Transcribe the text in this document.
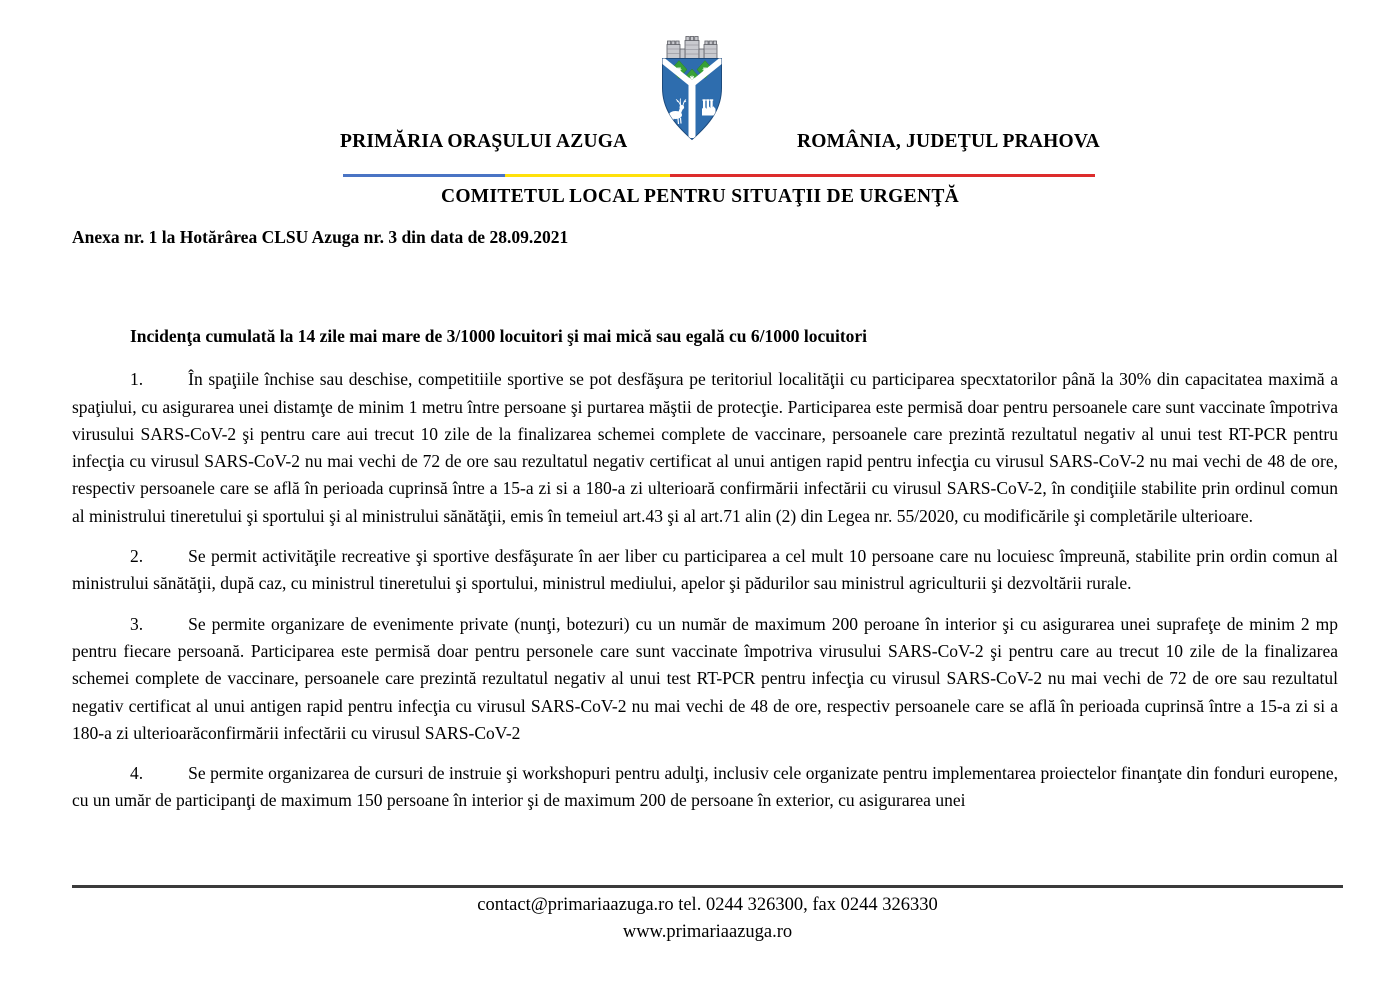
PRIMĂRIA ORAŞULUI AZUGA	ROMÂNIA, JUDEŢUL PRAHOVA
COMITETUL LOCAL PENTRU SITUAŢII DE URGENŢĂ
Anexa nr. 1 la Hotărârea CLSU Azuga nr. 3 din data de 28.09.2021

Incidenţa cumulată la 14 zile mai mare de 3/1000 locuitori şi mai mică sau egală cu 6/1000 locuitori

1.	În spaţiile închise sau deschise, competitiile sportive se pot desfăşura pe teritoriul localităţii cu participarea specxtatorilor până la 30% din capacitatea maximă a spaţiului, cu asigurarea unei distamţe de minim 1 metru între persoane şi purtarea măştii de protecţie. Participarea este permisă doar pentru persoanele care sunt vaccinate împotriva virusului SARS-CoV-2 şi pentru care aui trecut 10 zile de la finalizarea schemei complete de vaccinare, persoanele care prezintă rezultatul negativ al unui test RT-PCR pentru infecţia cu virusul SARS-CoV-2 nu mai vechi de 72 de ore sau rezultatul negativ certificat al unui antigen rapid pentru infecţia cu virusul SARS-CoV-2 nu mai vechi de 48 de ore, respectiv persoanele care se află în perioada cuprinsă între a 15-a zi si a 180-a zi ulterioară confirmării infectării cu virusul SARS-CoV-2, în condiţiile stabilite prin ordinul comun al ministrului tineretului şi sportului şi al ministrului sănătăţii, emis în temeiul art.43 şi al art.71 alin (2) din Legea nr. 55/2020, cu modificările şi completările ulterioare.

2.	Se permit activităţile recreative şi sportive desfăşurate în aer liber cu participarea a cel mult 10 persoane care nu locuiesc împreună, stabilite prin ordin comun al ministrului sănătăţii, după caz, cu ministrul tineretului şi sportului, ministrul mediului, apelor şi pădurilor sau ministrul agriculturii şi dezvoltării rurale.

3.	Se permite organizare de evenimente private (nunţi, botezuri) cu un număr de maximum 200 peroane în interior şi cu asigurarea unei suprafeţe de minim 2 mp pentru fiecare persoană. Participarea este permisă doar pentru personele care sunt vaccinate împotriva virusului SARS-CoV-2 şi pentru care au trecut 10 zile de la finalizarea schemei complete de vaccinare, persoanele care prezintă rezultatul negativ al unui test RT-PCR pentru infecţia cu virusul SARS-CoV-2 nu mai vechi de 72 de ore sau rezultatul negativ certificat al unui antigen rapid pentru infecţia cu virusul SARS-CoV-2 nu mai vechi de 48 de ore, respectiv persoanele care se află în perioada cuprinsă între a 15-a zi si a 180-a zi ulterioarăconfirmării infectării cu virusul SARS-CoV-2

4.	Se permite organizarea de cursuri de instruie şi workshopuri pentru adulţi, inclusiv cele organizate pentru implementarea proiectelor finanţate din fonduri europene, cu un umăr de participanţi de maximum 150 persoane în interior şi de maximum 200 de persoane în exterior, cu asigurarea unei

contact@primariaazuga.ro tel. 0244 326300, fax 0244 326330
www.primariaazuga.ro
